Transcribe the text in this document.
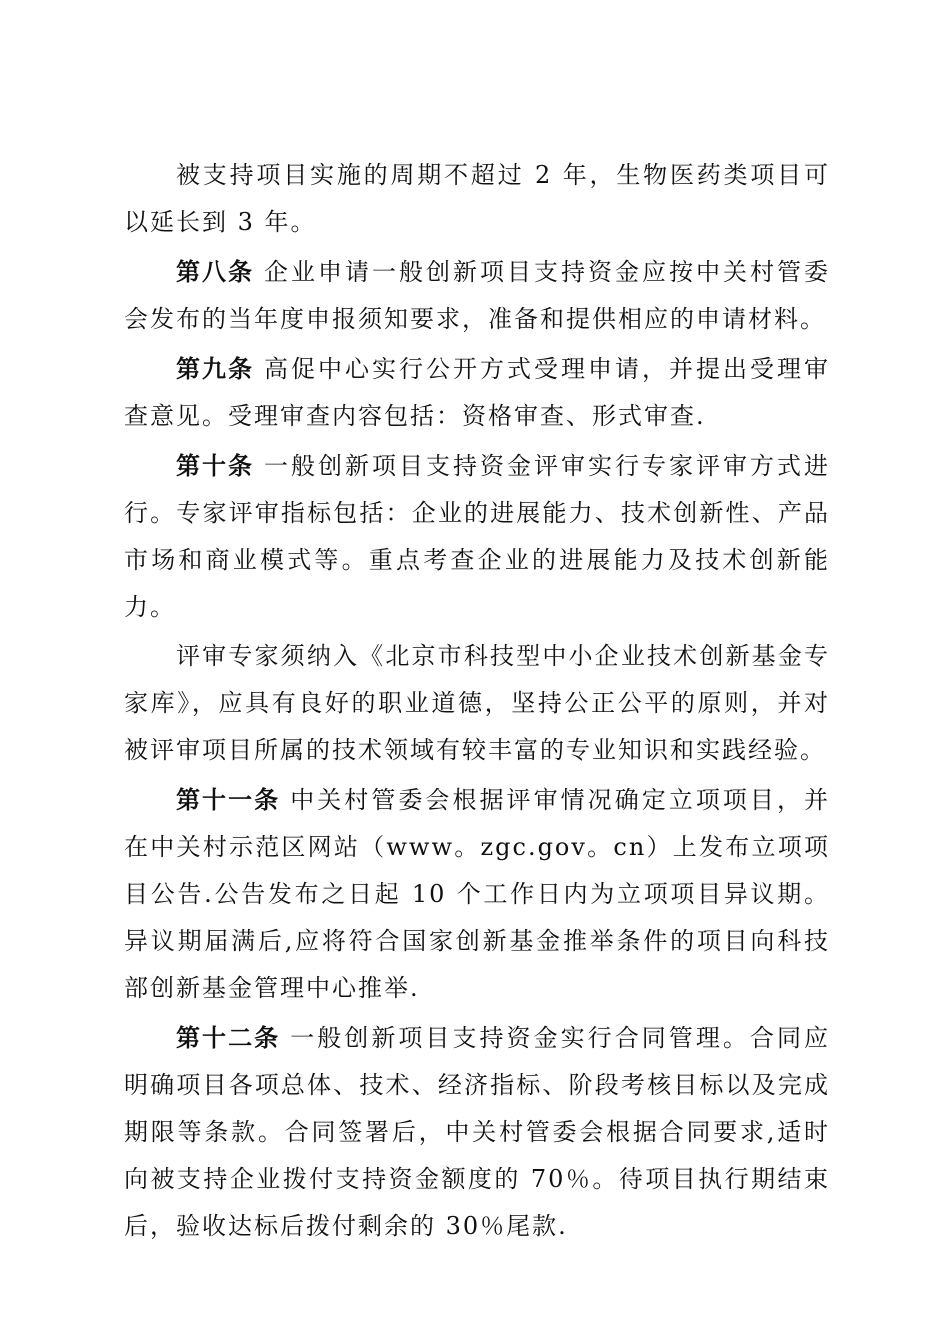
被支持项目实施的周期不超过 2 年，生物医药类项目可以延长到 3 年。

第八条 企业申请一般创新项目支持资金应按中关村管委会发布的当年度申报须知要求，准备和提供相应的申请材料。

第九条 高促中心实行公开方式受理申请，并提出受理审查意见。受理审查内容包括：资格审查、形式审查.

第十条 一般创新项目支持资金评审实行专家评审方式进行。专家评审指标包括：企业的进展能力、技术创新性、产品市场和商业模式等。重点考查企业的进展能力及技术创新能力。

评审专家须纳入《北京市科技型中小企业技术创新基金专家库》，应具有良好的职业道德，坚持公正公平的原则，并对被评审项目所属的技术领域有较丰富的专业知识和实践经验。

第十一条 中关村管委会根据评审情况确定立项项目，并在中关村示范区网站（www。zgc.gov。cn）上发布立项项目公告.公告发布之日起 10 个工作日内为立项项目异议期。异议期届满后,应将符合国家创新基金推举条件的项目向科技部创新基金管理中心推举.

第十二条 一般创新项目支持资金实行合同管理。合同应明确项目各项总体、技术、经济指标、阶段考核目标以及完成期限等条款。合同签署后，中关村管委会根据合同要求,适时向被支持企业拨付支持资金额度的 70％。待项目执行期结束后，验收达标后拨付剩余的 30％尾款.
